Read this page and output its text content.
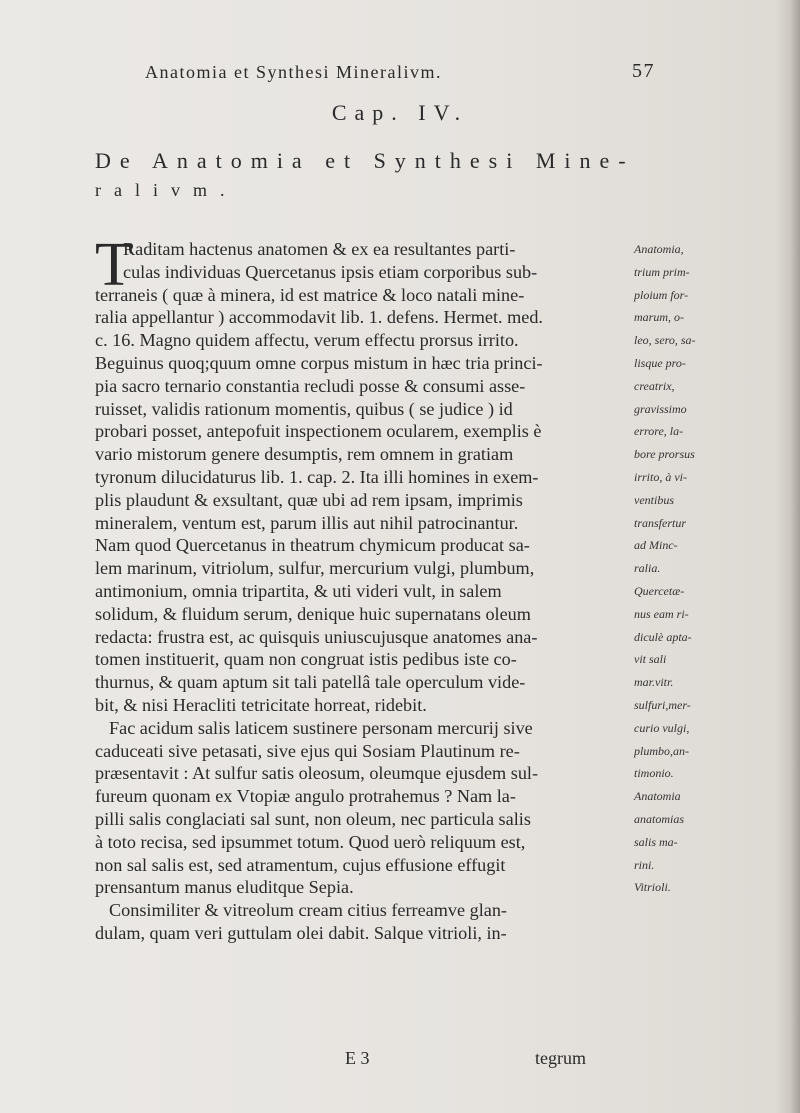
Anatomia et Synthesi Mineralivm.	57
Cap. IV.
De Anatomia et Synthesi Mine-
ralivm.
T
Raditam hactenus anatomen & ex ea resultantes parti-
culas individuas Quercetanus ipsis etiam corporibus sub-
terraneis ( quæ à minera, id est matrice & loco natali mine-
ralia appellantur ) accommodavit lib. 1. defens. Hermet. med.
c. 16. Magno quidem affectu, verum effectu prorsus irrito.
Beguinus quoq;quum omne corpus mistum in hæc tria princi-
pia sacro ternario constantia recludi posse & consumi asse-
ruisset, validis rationum momentis, quibus ( se judice ) id
probari posset, antepofuit inspectionem ocularem, exemplis è
vario mistorum genere desumptis, rem omnem in gratiam
tyronum dilucidaturus lib. 1. cap. 2. Ita illi homines in exem-
plis plaudunt & exsultant, quæ ubi ad rem ipsam, imprimis
mineralem, ventum est, parum illis aut nihil patrocinantur.
Nam quod Quercetanus in theatrum chymicum producat sa-
lem marinum, vitriolum, sulfur, mercurium vulgi, plumbum,
antimonium, omnia tripartita, & uti videri vult, in salem
solidum, & fluidum serum, denique huic supernatans oleum
redacta: frustra est, ac quisquis uniuscujusque anatomes ana-
tomen instituerit, quam non congruat istis pedibus iste co-
thurnus, & quam aptum sit tali patellâ tale operculum vide-
bit, & nisi Heracliti tetricitate horreat, ridebit.
Fac acidum salis laticem sustinere personam mercurij sive
caduceati sive petasati, sive ejus qui Sosiam Plautinum re-
præsentavit : At sulfur satis oleosum, oleumque ejusdem sul-
fureum quonam ex Vtopiæ angulo protrahemus ? Nam la-
pilli salis conglaciati sal sunt, non oleum, nec particula salis
à toto recisa, sed ipsummet totum. Quod uerò reliquum est,
non sal salis est, sed atramentum, cujus effusione effugit
prensantum manus eluditque Sepia.
Consimiliter & vitreolum cream citius ferreamve glan-
dulam, quam veri guttulam olei dabit. Salque vitrioli, in-
Anatomia,
trium prim-
ploium for-
marum, o-
leo, sero, sa-
lisque pro-
creatrix,
gravissimo
errore, la-
bore prorsus
irrito, à vi-
ventibus
transfertur
ad Minc-
ralia.
Quercetæ-
nus eam ri-
diculè apta-
vit sali
mar.vitr.
sulfuri,mer-
curio vulgi,
plumbo,an-
timonio.
Anatomia
anatomias
salis ma-
rini.
Vitrioli.
E 3	tegrum
